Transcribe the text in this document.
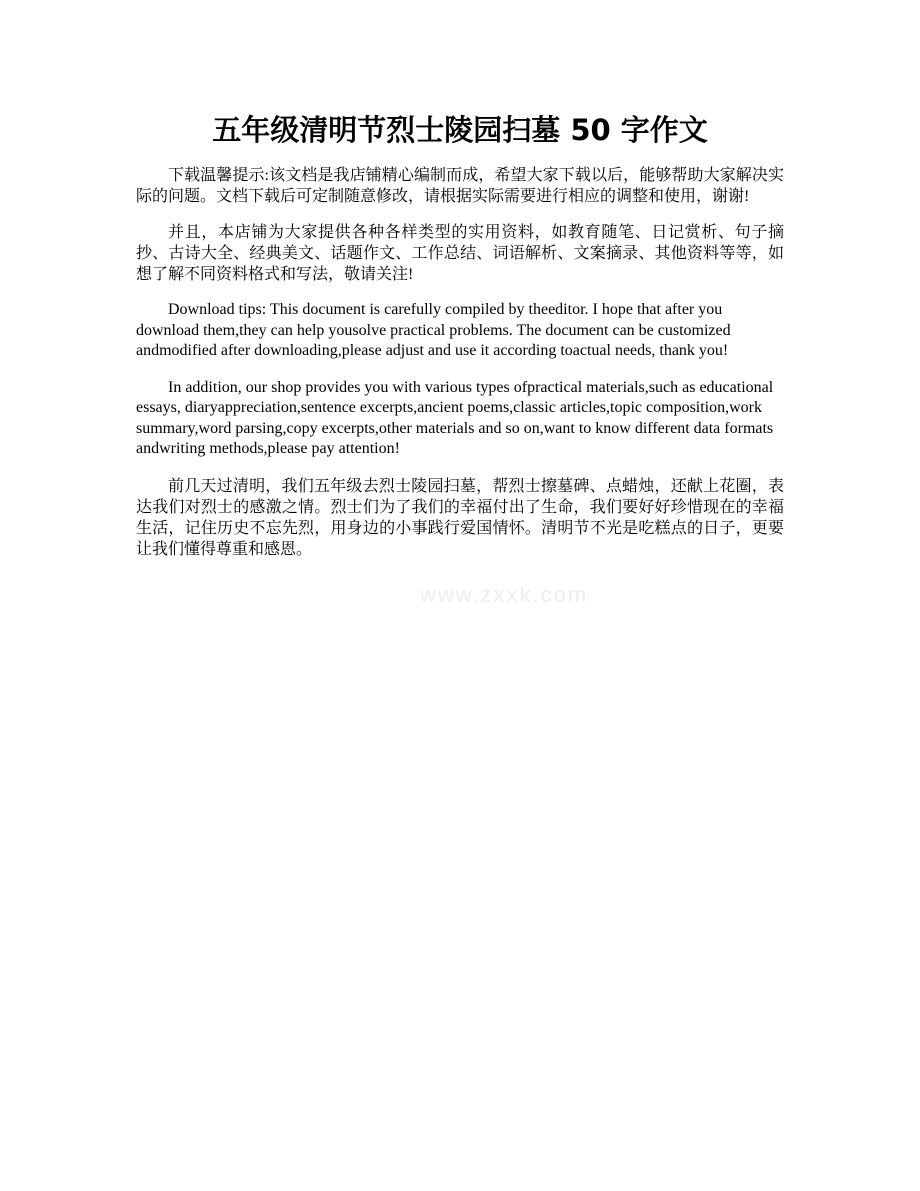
五年级清明节烈士陵园扫墓 50 字作文

下载温馨提示:该文档是我店铺精心编制而成，希望大家下载以后，能够帮助大家解决实际的问题。文档下载后可定制随意修改，请根据实际需要进行相应的调整和使用，谢谢!

并且，本店铺为大家提供各种各样类型的实用资料，如教育随笔、日记赏析、句子摘抄、古诗大全、经典美文、话题作文、工作总结、词语解析、文案摘录、其他资料等等，如想了解不同资料格式和写法，敬请关注!

Download tips: This document is carefully compiled by theeditor. I hope that after you download them,they can help yousolve practical problems. The document can be customized andmodified after downloading,please adjust and use it according toactual needs, thank you!

In addition, our shop provides you with various types ofpractical materials,such as educational essays, diaryappreciation,sentence excerpts,ancient poems,classic articles,topic composition,work summary,word parsing,copy excerpts,other materials and so on,want to know different data formats andwriting methods,please pay attention!

前几天过清明，我们五年级去烈士陵园扫墓，帮烈士擦墓碑、点蜡烛，还献上花圈，表达我们对烈士的感激之情。烈士们为了我们的幸福付出了生命，我们要好好珍惜现在的幸福生活，记住历史不忘先烈，用身边的小事践行爱国情怀。清明节不光是吃糕点的日子，更要让我们懂得尊重和感恩。

www.zxxk.com
